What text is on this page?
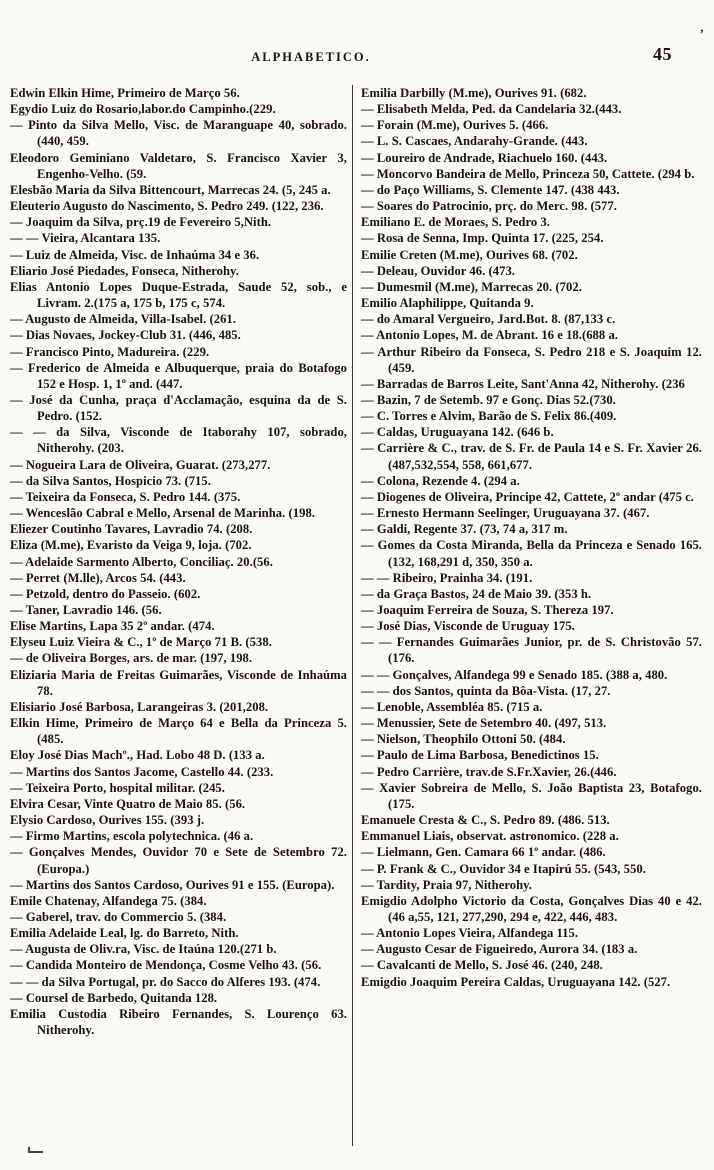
ALPHABETICO.	45

Edwin Elkin Hime, Primeiro de Março 56.

Egydio Luiz do Rosario,labor.do Campinho.(229.

— Pinto da Silva Mello, Visc. de Maranguape 40, sobrado. (440, 459.

Eleodoro Geminiano Valdetaro, S. Francisco Xavier 3, Engenho-Velho. (59.

Elesbão Maria da Silva Bittencourt, Marrecas 24. (5, 245 a.

Eleuterio Augusto do Nascimento, S. Pedro 249. (122, 236.

— Joaquim da Silva, prç.19 de Fevereiro 5,Nith.

— — Vieira, Alcantara 135.

— Luiz de Almeida, Visc. de Inhaúma 34 e 36.

Eliario José Piedades, Fonseca, Nitherohy.

Elias Antonio Lopes Duque-Estrada, Saude 52, sob., e Livram. 2.(175 a, 175 b, 175 c, 574.

— Augusto de Almeida, Villa-Isabel. (261.

— Dias Novaes, Jockey-Club 31. (446, 485.

— Francisco Pinto, Madureira. (229.

— Frederico de Almeida e Albuquerque, praia do Botafogo 152 e Hosp. 1, 1º and. (447.

— José da Cunha, praça d'Acclamação, esquina da de S. Pedro. (152.

— — da Silva, Visconde de Itaborahy 107, sobrado, Nitherohy. (203.

— Nogueira Lara de Oliveira, Guarat. (273,277.

— da Silva Santos, Hospicio 73. (715.

— Teixeira da Fonseca, S. Pedro 144. (375.

— Wenceslão Cabral e Mello, Arsenal de Marinha. (198.

Eliezer Coutinho Tavares, Lavradio 74. (208.

Eliza (M.me), Evaristo da Veiga 9, loja. (702.

— Adelaide Sarmento Alberto, Conciliaç. 20.(56.

— Perret (M.lle), Arcos 54. (443.

— Petzold, dentro do Passeio. (602.

— Taner, Lavradio 146. (56.

Elise Martins, Lapa 35 2º andar. (474.

Elyseu Luiz Vieira & C., 1º de Março 71 B. (538.

— de Oliveira Borges, ars. de mar. (197, 198.

Eliziaria Maria de Freitas Guimarães, Visconde de Inhaúma 78.

Elisiario José Barbosa, Larangeiras 3. (201,208.

Elkin Hime, Primeiro de Março 64 e Bella da Princeza 5. (485.

Eloy José Dias Machº., Had. Lobo 48 D. (133 a.

— Martins dos Santos Jacome, Castello 44. (233.

— Teixeira Porto, hospital militar. (245.

Elvira Cesar, Vinte Quatro de Maio 85. (56.

Elysio Cardoso, Ourives 155. (393 j.

— Firmo Martins, escola polytechnica. (46 a.

— Gonçalves Mendes, Ouvidor 70 e Sete de Setembro 72. (Europa.)

— Martins dos Santos Cardoso, Ourives 91 e 155. (Europa).

Emile Chatenay, Alfandega 75. (384.

— Gaberel, trav. do Commercio 5. (384.

Emilia Adelaide Leal, lg. do Barreto, Nith.

— Augusta de Oliv.ra, Visc. de Itaúna 120.(271 b.

— Candida Monteiro de Mendonça, Cosme Velho 43. (56.

— — da Silva Portugal, pr. do Sacco do Alferes 193. (474.

— Coursel de Barbedo, Quitanda 128.

Emilia Custodia Ribeiro Fernandes, S. Lourenço 63. Nitherohy.

Emilia Darbilly (M.me), Ourives 91. (682.

— Elisabeth Melda, Ped. da Candelaria 32.(443.

— Forain (M.me), Ourives 5. (466.

— L. S. Cascaes, Andarahy-Grande. (443.

— Loureiro de Andrade, Riachuelo 160. (443.

— Moncorvo Bandeira de Mello, Princeza 50, Cattete. (294 b.

— do Paço Williams, S. Clemente 147. (438 443.

— Soares do Patrocinio, prç. do Merc. 98. (577.

Emiliano E. de Moraes, S. Pedro 3.

— Rosa de Senna, Imp. Quinta 17. (225, 254.

Emilie Creten (M.me), Ourives 68. (702.

— Deleau, Ouvidor 46. (473.

— Dumesmil (M.me), Marrecas 20. (702.

Emilio Alaphilippe, Quitanda 9.

— do Amaral Vergueiro, Jard.Bot. 8. (87,133 c.

— Antonio Lopes, M. de Abrant. 16 e 18.(688 a.

— Arthur Ribeiro da Fonseca, S. Pedro 218 e S. Joaquim 12. (459.

— Barradas de Barros Leite, Sant'Anna 42, Nitherohy. (236

— Bazin, 7 de Setemb. 97 e Gonç. Dias 52.(730.

— C. Torres e Alvim, Barão de S. Felix 86.(409.

— Caldas, Uruguayana 142. (646 b.

— Carrière & C., trav. de S. Fr. de Paula 14 e S. Fr. Xavier 26. (487,532,554, 558, 661,677.

— Colona, Rezende 4. (294 a.

— Diogenes de Oliveira, Principe 42, Cattete, 2º andar (475 c.

— Ernesto Hermann Seelinger, Uruguayana 37. (467.

— Galdi, Regente 37. (73, 74 a, 317 m.

— Gomes da Costa Miranda, Bella da Princeza e Senado 165. (132, 168,291 d, 350, 350 a.

— — Ribeiro, Prainha 34. (191.

— da Graça Bastos, 24 de Maio 39. (353 h.

— Joaquim Ferreira de Souza, S. Thereza 197.

— José Dias, Visconde de Uruguay 175.

— — Fernandes Guimarães Junior, pr. de S. Christovão 57. (176.

— — Gonçalves, Alfandega 99 e Senado 185. (388 a, 480.

— — dos Santos, quinta da Bôa-Vista. (17, 27.

— Lenoble, Assembléa 85. (715 a.

— Menussier, Sete de Setembro 40. (497, 513.

— Nielson, Theophilo Ottoni 50. (484.

— Paulo de Lima Barbosa, Benedictinos 15.

— Pedro Carrière, trav.de S.Fr.Xavier, 26.(446.

— Xavier Sobreira de Mello, S. João Baptista 23, Botafogo. (175.

Emanuele Cresta & C., S. Pedro 89. (486. 513.

Emmanuel Liais, observat. astronomico. (228 a.

— Lielmann, Gen. Camara 66 1º andar. (486.

— P. Frank & C., Ouvidor 34 e Itapirú 55. (543, 550.

— Tardity, Praia 97, Nitherohy.

Emigdio Adolpho Victorio da Costa, Gonçalves Dias 40 e 42. (46 a,55, 121, 277,290, 294 e, 422, 446, 483.

— Antonio Lopes Vieira, Alfandega 115.

— Augusto Cesar de Figueiredo, Aurora 34. (183 a.

— Cavalcanti de Mello, S. José 46. (240, 248.

Emigdio Joaquim Pereira Caldas, Uruguayana 142. (527.

’
